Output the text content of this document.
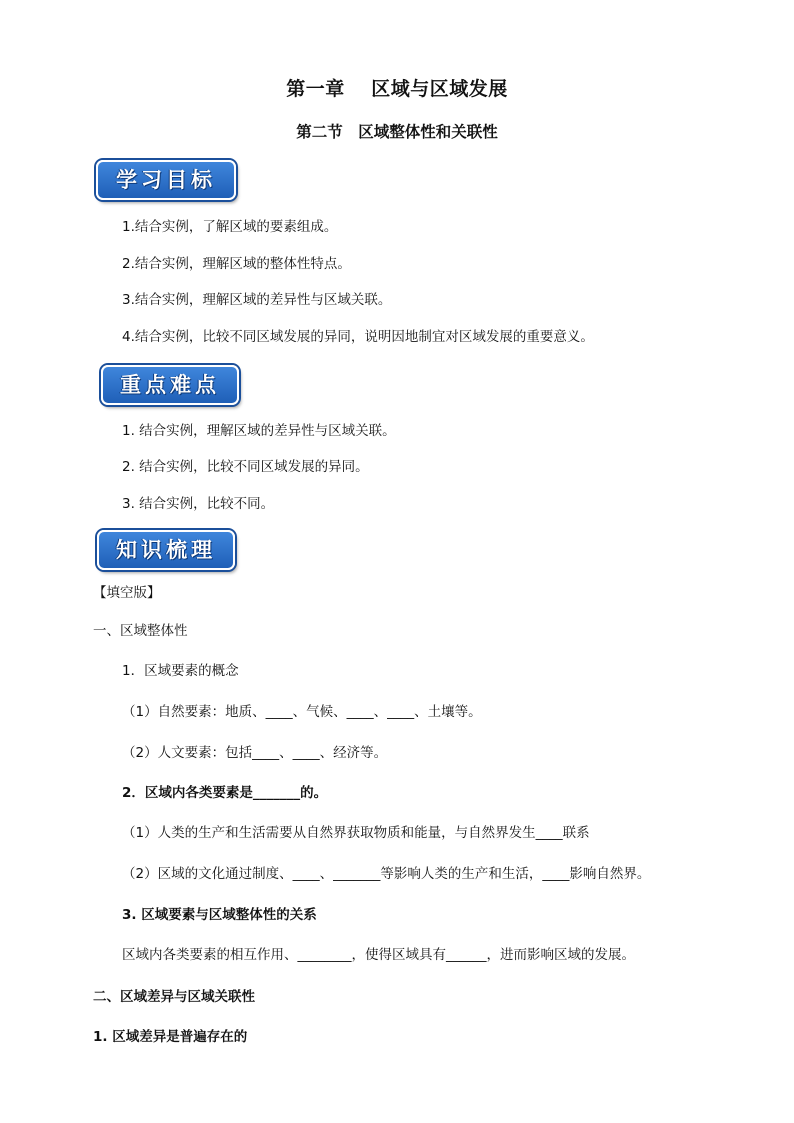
第一章　 区域与区域发展
第二节　区域整体性和关联性
学习目标
1.结合实例，了解区域的要素组成。
2.结合实例，理解区域的整体性特点。
3.结合实例，理解区域的差异性与区域关联。
4.结合实例，比较不同区域发展的异同，说明因地制宜对区域发展的重要意义。
重点难点
1. 结合实例，理解区域的差异性与区域关联。
2. 结合实例，比较不同区域发展的异同。
3. 结合实例，比较不同。
知识梳理
【填空版】
一、区域整体性
1．区域要素的概念
（1）自然要素：地质、____、气候、____、____、土壤等。
（2）人文要素：包括____、____、经济等。
2．区域内各类要素是_______的。
（1）人类的生产和生活需要从自然界获取物质和能量，与自然界发生____联系
（2）区域的文化通过制度、____、_______等影响人类的生产和生活，____影响自然界。
3. 区域要素与区域整体性的关系
区域内各类要素的相互作用、________，使得区域具有______，进而影响区域的发展。
二、区域差异与区域关联性
1. 区域差异是普遍存在的
